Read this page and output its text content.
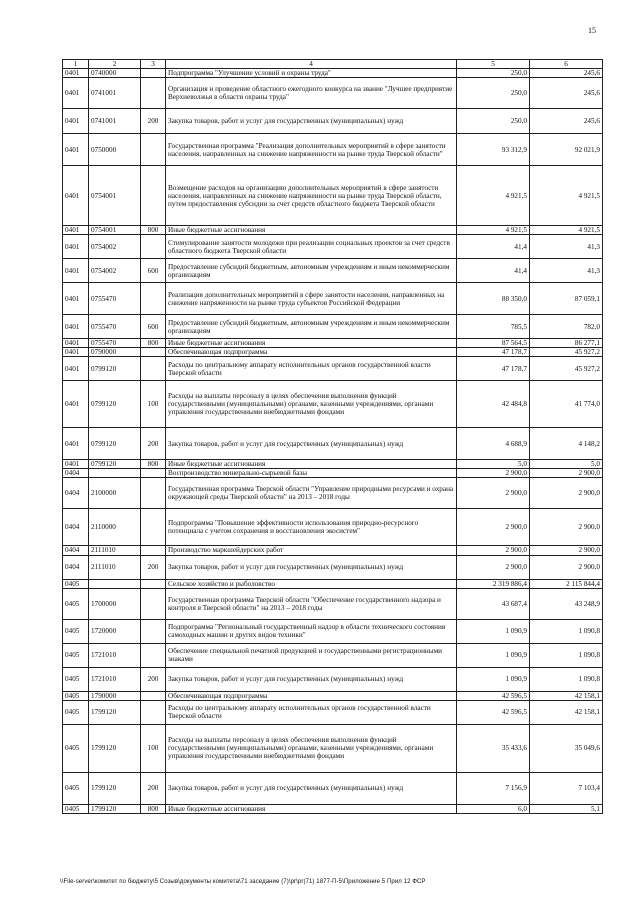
15
1	2	3	4	5	6
0401	0740000		Подпрограмма "Улучшение условий и охраны труда"	250,0	245,6
0401	0741001		Организация и проведение областного ежегодного конкурса на звание "Лучшее предприятие Верхневолжья в области охраны труда"	250,0	245,6
0401	0741001	200	Закупка товаров, работ и услуг для государственных (муниципальных) нужд	250,0	245,6
0401	0750000		Государственная программа "Реализация дополнительных мероприятий в сфере занятости населения, направленных на снижение напряженности на рынке труда Тверской области"	93 312,9	92 021,9
0401	0754001		Возмещение расходов на организацию дополнительных мероприятий в сфере занятости населения, направленных на снижение напряженности на рынке труда Тверской области, путем предоставления субсидии за счет средств областного бюджета Тверской области	4 921,5	4 921,5
0401	0754001	800	Иные бюджетные ассигнования	4 921,5	4 921,5
0401	0754002		Стимулирование занятости молодежи при реализации социальных проектов за счет средств областного бюджета Тверской области	41,4	41,3
0401	0754002	600	Предоставление субсидий бюджетным, автономным учреждениям и иным некоммерческим организациям	41,4	41,3
0401	0755470		Реализация дополнительных мероприятий в сфере занятости населения, направленных на снижение напряженности на рынке труда субъектов Российской Федерации	88 350,0	87 059,1
0401	0755470	600	Предоставление субсидий бюджетным, автономным учреждениям и иным некоммерческим организациям	785,5	782,0
0401	0755470	800	Иные бюджетные ассигнования	87 564,5	86 277,1
0401	0790000		Обеспечивающая подпрограмма	47 178,7	45 927,2
0401	0799120		Расходы по центральному аппарату исполнительных органов государственной власти Тверской области	47 178,7	45 927,2
0401	0799120	100	Расходы на выплаты персоналу в целях обеспечения выполнения функций государственными (муниципальными) органами, казенными учреждениями, органами управления государственными внебюджетными фондами	42 484,8	41 774,0
0401	0799120	200	Закупка товаров, работ и услуг для государственных (муниципальных) нужд	4 688,9	4 148,2
0401	0799120	800	Иные бюджетные ассигнования	5,0	5,0
0404			Воспроизводство минерально-сырьевой базы	2 900,0	2 900,0
0404	2100000		Государственная программа Тверской области "Управление природными ресурсами и охрана окружающей среды Тверской области" на 2013 – 2018 годы	2 900,0	2 900,0
0404	2110000		Подпрограмма "Повышение эффективности использования природно-ресурсного потенциала с учетом сохранения и восстановления экосистем"	2 900,0	2 900,0
0404	2111010		Производство маркшейдерских работ	2 900,0	2 900,0
0404	2111010	200	Закупка товаров, работ и услуг для государственных (муниципальных) нужд	2 900,0	2 900,0
0405			Сельское хозяйство и рыболовство	2 319 886,4	2 115 844,4
0405	1700000		Государственная программа Тверской области "Обеспечение государственного надзора и контроля в Тверской области" на 2013 – 2018 годы	43 687,4	43 248,9
0405	1720000		Подпрограмма "Региональный государственный надзор в области технического состояния самоходных машин и других видов техники"	1 090,9	1 090,8
0405	1721010		Обеспечение специальной печатной продукцией и государственными регистрационными знаками	1 090,9	1 090,8
0405	1721010	200	Закупка товаров, работ и услуг для государственных (муниципальных) нужд	1 090,9	1 090,8
0405	1790000		Обеспечивающая подпрограмма	42 596,5	42 158,1
0405	1799120		Расходы по центральному аппарату исполнительных органов государственной власти Тверской области	42 596,5	42 158,1
0405	1799120	100	Расходы на выплаты персоналу в целях обеспечения выполнения функций государственными (муниципальными) органами, казенными учреждениями, органами управления государственными внебюджетными фондами	35 433,6	35 049,6
0405	1799120	200	Закупка товаров, работ и услуг для государственных (муниципальных) нужд	7 156,9	7 103,4
0405	1799120	800	Иные бюджетные ассигнования	6,0	5,1
\\File-server\комитет по бюджету\5 Созыв\документы комитета\71 заседание (7)\pr\pr(71) 1877-П-5\Приложение 5 Прил 12 ФСР
